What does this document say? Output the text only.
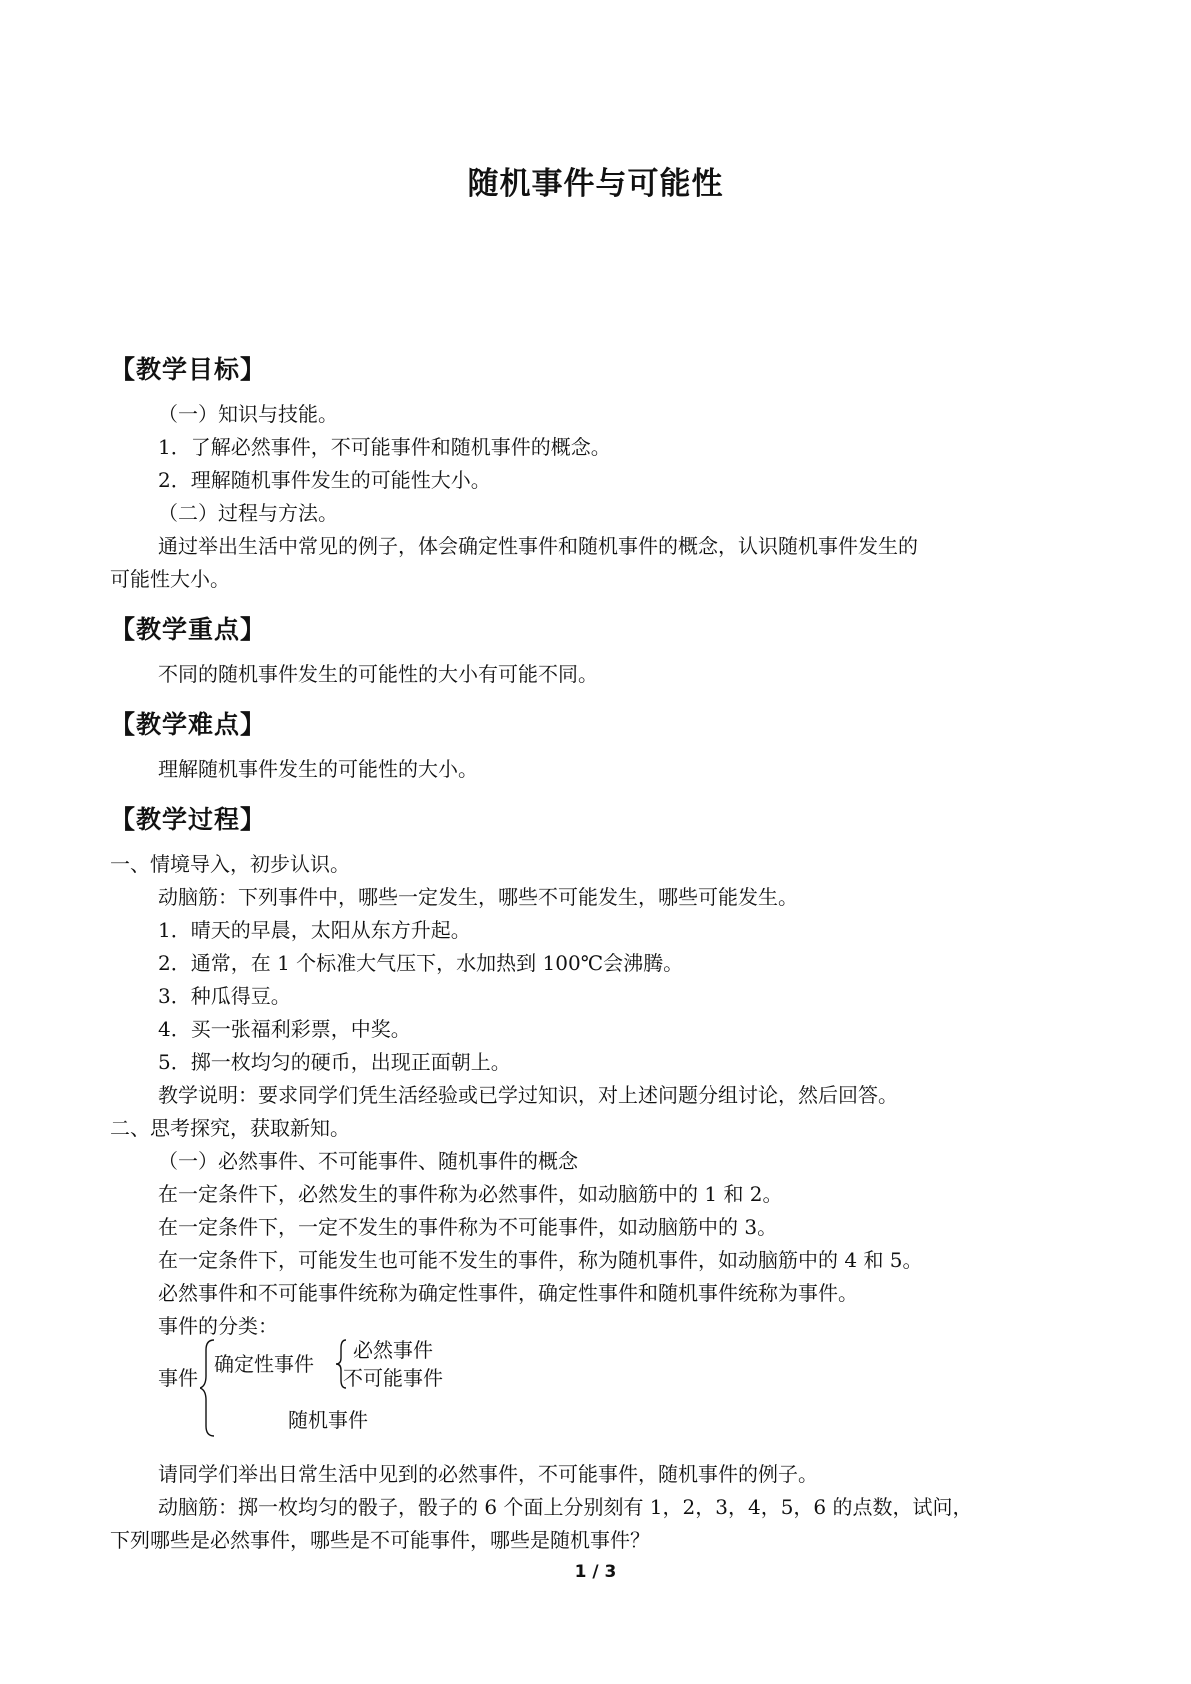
随机事件与可能性
【教学目标】
（一）知识与技能。
1．了解必然事件，不可能事件和随机事件的概念。
2．理解随机事件发生的可能性大小。
（二）过程与方法。
通过举出生活中常见的例子，体会确定性事件和随机事件的概念，认识随机事件发生的
可能性大小。
【教学重点】
不同的随机事件发生的可能性的大小有可能不同。
【教学难点】
理解随机事件发生的可能性的大小。
【教学过程】
一、情境导入，初步认识。
动脑筋：下列事件中，哪些一定发生，哪些不可能发生，哪些可能发生。
1．晴天的早晨，太阳从东方升起。
2．通常，在 1 个标准大气压下，水加热到 100℃会沸腾。
3．种瓜得豆。
4．买一张福利彩票，中奖。
5．掷一枚均匀的硬币，出现正面朝上。
教学说明：要求同学们凭生活经验或已学过知识，对上述问题分组讨论，然后回答。
二、思考探究，获取新知。
（一）必然事件、不可能事件、随机事件的概念
在一定条件下，必然发生的事件称为必然事件，如动脑筋中的 1 和 2。
在一定条件下，一定不发生的事件称为不可能事件，如动脑筋中的 3。
在一定条件下，可能发生也可能不发生的事件，称为随机事件，如动脑筋中的 4 和 5。
必然事件和不可能事件统称为确定性事件，确定性事件和随机事件统称为事件。
事件的分类：
事件
确定性事件
必然事件
不可能事件
随机事件
请同学们举出日常生活中见到的必然事件，不可能事件，随机事件的例子。
动脑筋：掷一枚均匀的骰子，骰子的 6 个面上分别刻有 1，2，3，4，5，6 的点数，试问，
下列哪些是必然事件，哪些是不可能事件，哪些是随机事件？
1 / 3
